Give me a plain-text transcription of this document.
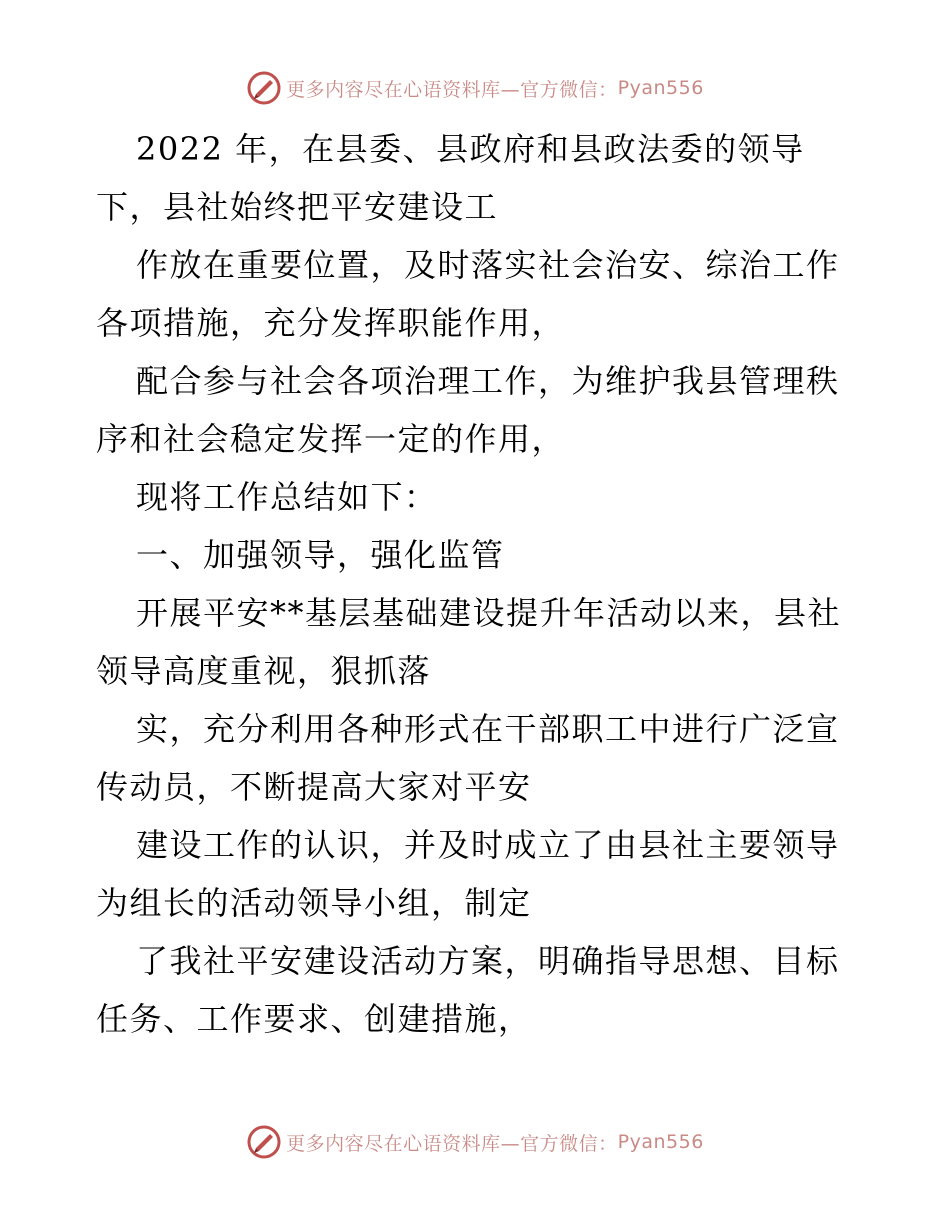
更多内容尽在心语资料库—官方微信： Pyan556
2022 年，在县委、县政府和县政法委的领导
下，县社始终把平安建设工
作放在重要位置，及时落实社会治安、综治工作
各项措施，充分发挥职能作用，
配合参与社会各项治理工作，为维护我县管理秩
序和社会稳定发挥一定的作用，
现将工作总结如下：
一、加强领导，强化监管
开展平安**基层基础建设提升年活动以来，县社
领导高度重视，狠抓落
实，充分利用各种形式在干部职工中进行广泛宣
传动员，不断提高大家对平安
建设工作的认识，并及时成立了由县社主要领导
为组长的活动领导小组，制定
了我社平安建设活动方案，明确指导思想、目标
任务、工作要求、创建措施，
更多内容尽在心语资料库—官方微信： Pyan556
